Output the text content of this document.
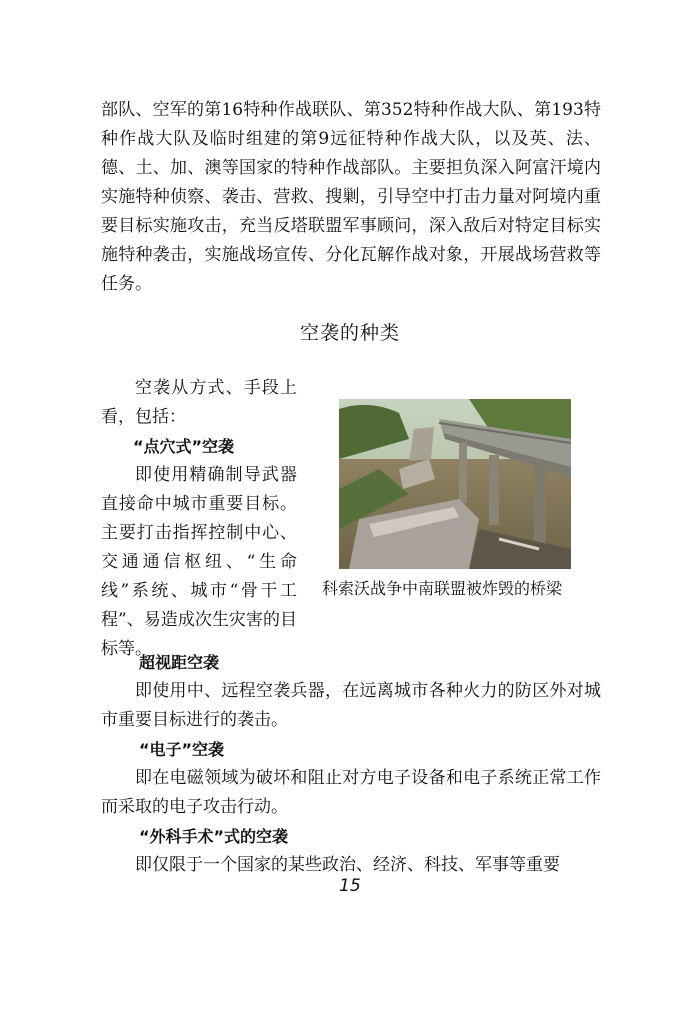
部队、空军的第16特种作战联队、第352特种作战大队、第193特种作战大队及临时组建的第9远征特种作战大队，以及英、法、德、土、加、澳等国家的特种作战部队。主要担负深入阿富汗境内实施特种侦察、袭击、营救、搜剿，引导空中打击力量对阿境内重要目标实施攻击，充当反塔联盟军事顾问，深入敌后对特定目标实施特种袭击，实施战场宣传、分化瓦解作战对象，开展战场营救等任务。

空袭的种类

空袭从方式、手段上看，包括：

“点穴式”空袭

即使用精确制导武器直接命中城市重要目标。主要打击指挥控制中心、交通通信枢纽、“生命线”系统、城市“骨干工程”、易造成次生灾害的目标等。

科索沃战争中南联盟被炸毁的桥梁

超视距空袭

即使用中、远程空袭兵器，在远离城市各种火力的防区外对城市重要目标进行的袭击。

“电子”空袭

即在电磁领域为破坏和阻止对方电子设备和电子系统正常工作而采取的电子攻击行动。

“外科手术”式的空袭

即仅限于一个国家的某些政治、经济、科技、军事等重要

15
